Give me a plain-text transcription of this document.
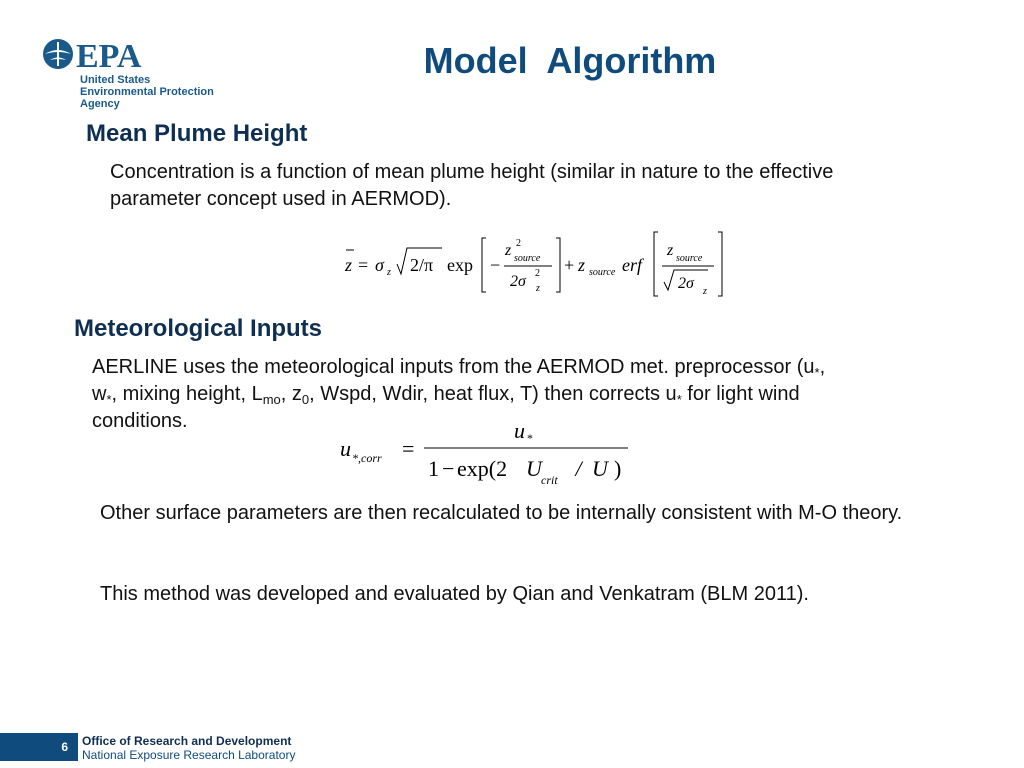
EPA
United States
Environmental Protection
Agency
Model  Algorithm
Mean Plume Height
Concentration is a function of mean plume height (similar in nature to the effective parameter concept used in AERMOD).
z = σ z 2/π exp −
z 2
source
2σ 2
z
+ z source erf
z source
2σ z
Meteorological Inputs
AERLINE uses the meteorological inputs from the AERMOD met. preprocessor ($u_*$,
$w_*$, mixing height, $L_{mo}$, $z_0$, Wspd, Wdir, heat flux, T) then corrects $u_*$ for light wind
conditions.
u *,corr =
u *
1 − exp(2 U crit / U )
Other surface parameters are then recalculated to be internally consistent with M-O theory.
This method was developed and evaluated by Qian and Venkatram (BLM 2011).
6	Office of Research and Development
National Exposure Research Laboratory
